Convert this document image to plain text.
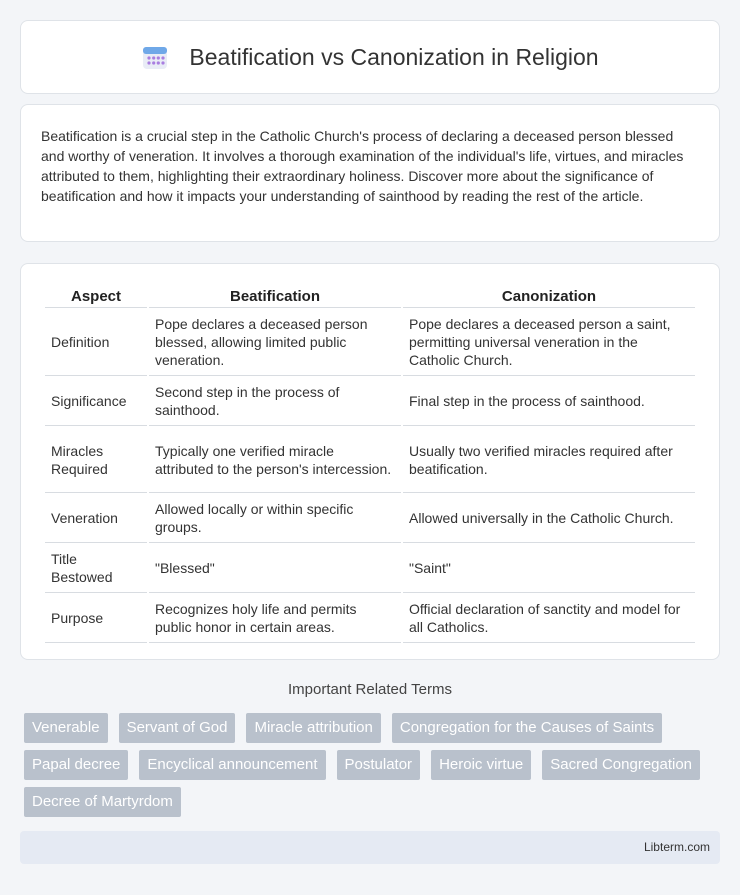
Beatification vs Canonization in Religion

Beatification is a crucial step in the Catholic Church's process of declaring a deceased person blessed and worthy of veneration. It involves a thorough examination of the individual's life, virtues, and miracles attributed to them, highlighting their extraordinary holiness. Discover more about the significance of beatification and how it impacts your understanding of sainthood by reading the rest of the article.

Aspect	Beatification	Canonization
Definition	Pope declares a deceased person blessed, allowing limited public veneration.	Pope declares a deceased person a saint, permitting universal veneration in the Catholic Church.
Significance	Second step in the process of sainthood.	Final step in the process of sainthood.
Miracles Required	Typically one verified miracle attributed to the person's intercession.	Usually two verified miracles required after beatification.
Veneration	Allowed locally or within specific groups.	Allowed universally in the Catholic Church.
Title Bestowed	"Blessed"	"Saint"
Purpose	Recognizes holy life and permits public honor in certain areas.	Official declaration of sanctity and model for all Catholics.
Important Related Terms
Venerable	Servant of God	Miracle attribution	Congregation for the Causes of Saints
Papal decree	Encyclical announcement	Postulator	Heroic virtue	Sacred Congregation
Decree of Martyrdom
Libterm.com
